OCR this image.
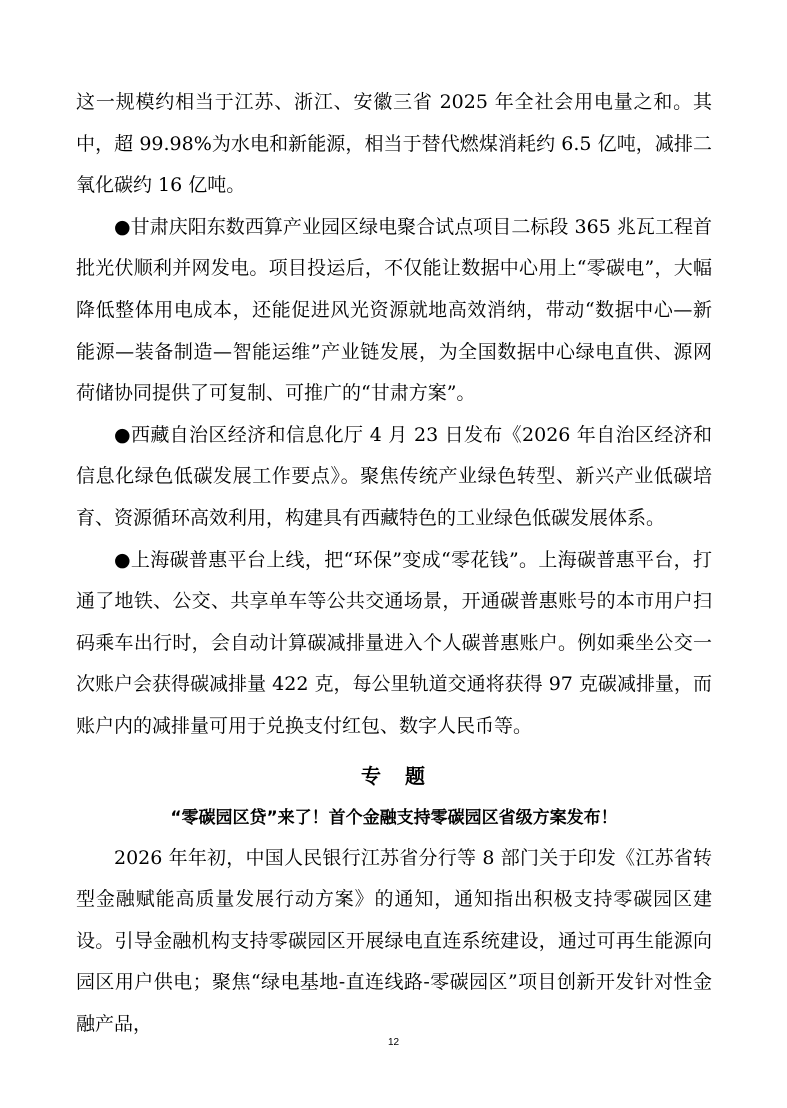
这一规模约相当于江苏、浙江、安徽三省 2025 年全社会用电量之和。其中，超 99.98%为水电和新能源，相当于替代燃煤消耗约 6.5 亿吨，减排二氧化碳约 16 亿吨。

●甘肃庆阳东数西算产业园区绿电聚合试点项目二标段 365 兆瓦工程首批光伏顺利并网发电。项目投运后，不仅能让数据中心用上“零碳电”，大幅降低整体用电成本，还能促进风光资源就地高效消纳，带动“数据中心—新能源—装备制造—智能运维”产业链发展，为全国数据中心绿电直供、源网荷储协同提供了可复制、可推广的“甘肃方案”。

●西藏自治区经济和信息化厅 4 月 23 日发布《2026 年自治区经济和信息化绿色低碳发展工作要点》。聚焦传统产业绿色转型、新兴产业低碳培育、资源循环高效利用，构建具有西藏特色的工业绿色低碳发展体系。

●上海碳普惠平台上线，把“环保”变成“零花钱”。上海碳普惠平台，打通了地铁、公交、共享单车等公共交通场景，开通碳普惠账号的本市用户扫码乘车出行时，会自动计算碳减排量进入个人碳普惠账户。例如乘坐公交一次账户会获得碳减排量 422 克，每公里轨道交通将获得 97 克碳减排量，而账户内的减排量可用于兑换支付红包、数字人民币等。

专 题

“零碳园区贷”来了！首个金融支持零碳园区省级方案发布！

2026 年年初，中国人民银行江苏省分行等 8 部门关于印发《江苏省转型金融赋能高质量发展行动方案》的通知，通知指出积极支持零碳园区建设。引导金融机构支持零碳园区开展绿电直连系统建设，通过可再生能源向园区用户供电；聚焦“绿电基地-直连线路-零碳园区”项目创新开发针对性金融产品，

12
